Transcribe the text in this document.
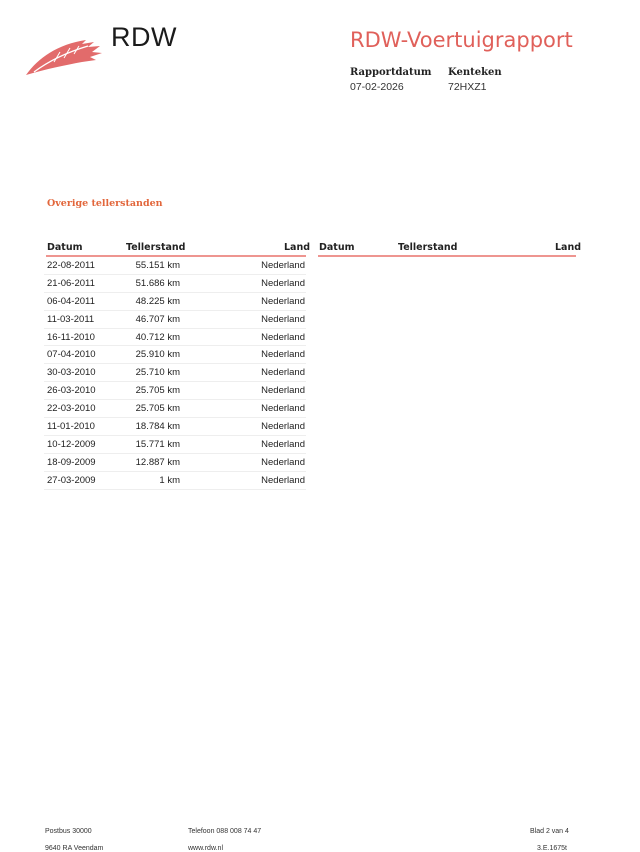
RDW	RDW-Voertuigrapport
Rapportdatum Kenteken
07-02-2026	72HXZ1
Overige tellerstanden
Datum	Tellerstand	Land Datum	Tellerstand	Land
22-08-2011	55.151 km	Nederland
21-06-2011	51.686 km	Nederland
06-04-2011	48.225 km	Nederland
11-03-2011	46.707 km	Nederland
16-11-2010	40.712 km	Nederland
07-04-2010	25.910 km	Nederland
30-03-2010	25.710 km	Nederland
26-03-2010	25.705 km	Nederland
22-03-2010	25.705 km	Nederland
11-01-2010	18.784 km	Nederland
10-12-2009	15.771 km	Nederland
18-09-2009	12.887 km	Nederland
27-03-2009	1 km	Nederland
Postbus 30000
9640 RA Veendam
Telefoon 088 008 74 47
www.rdw.nl
Blad 2 van 4
3.E.1675t
